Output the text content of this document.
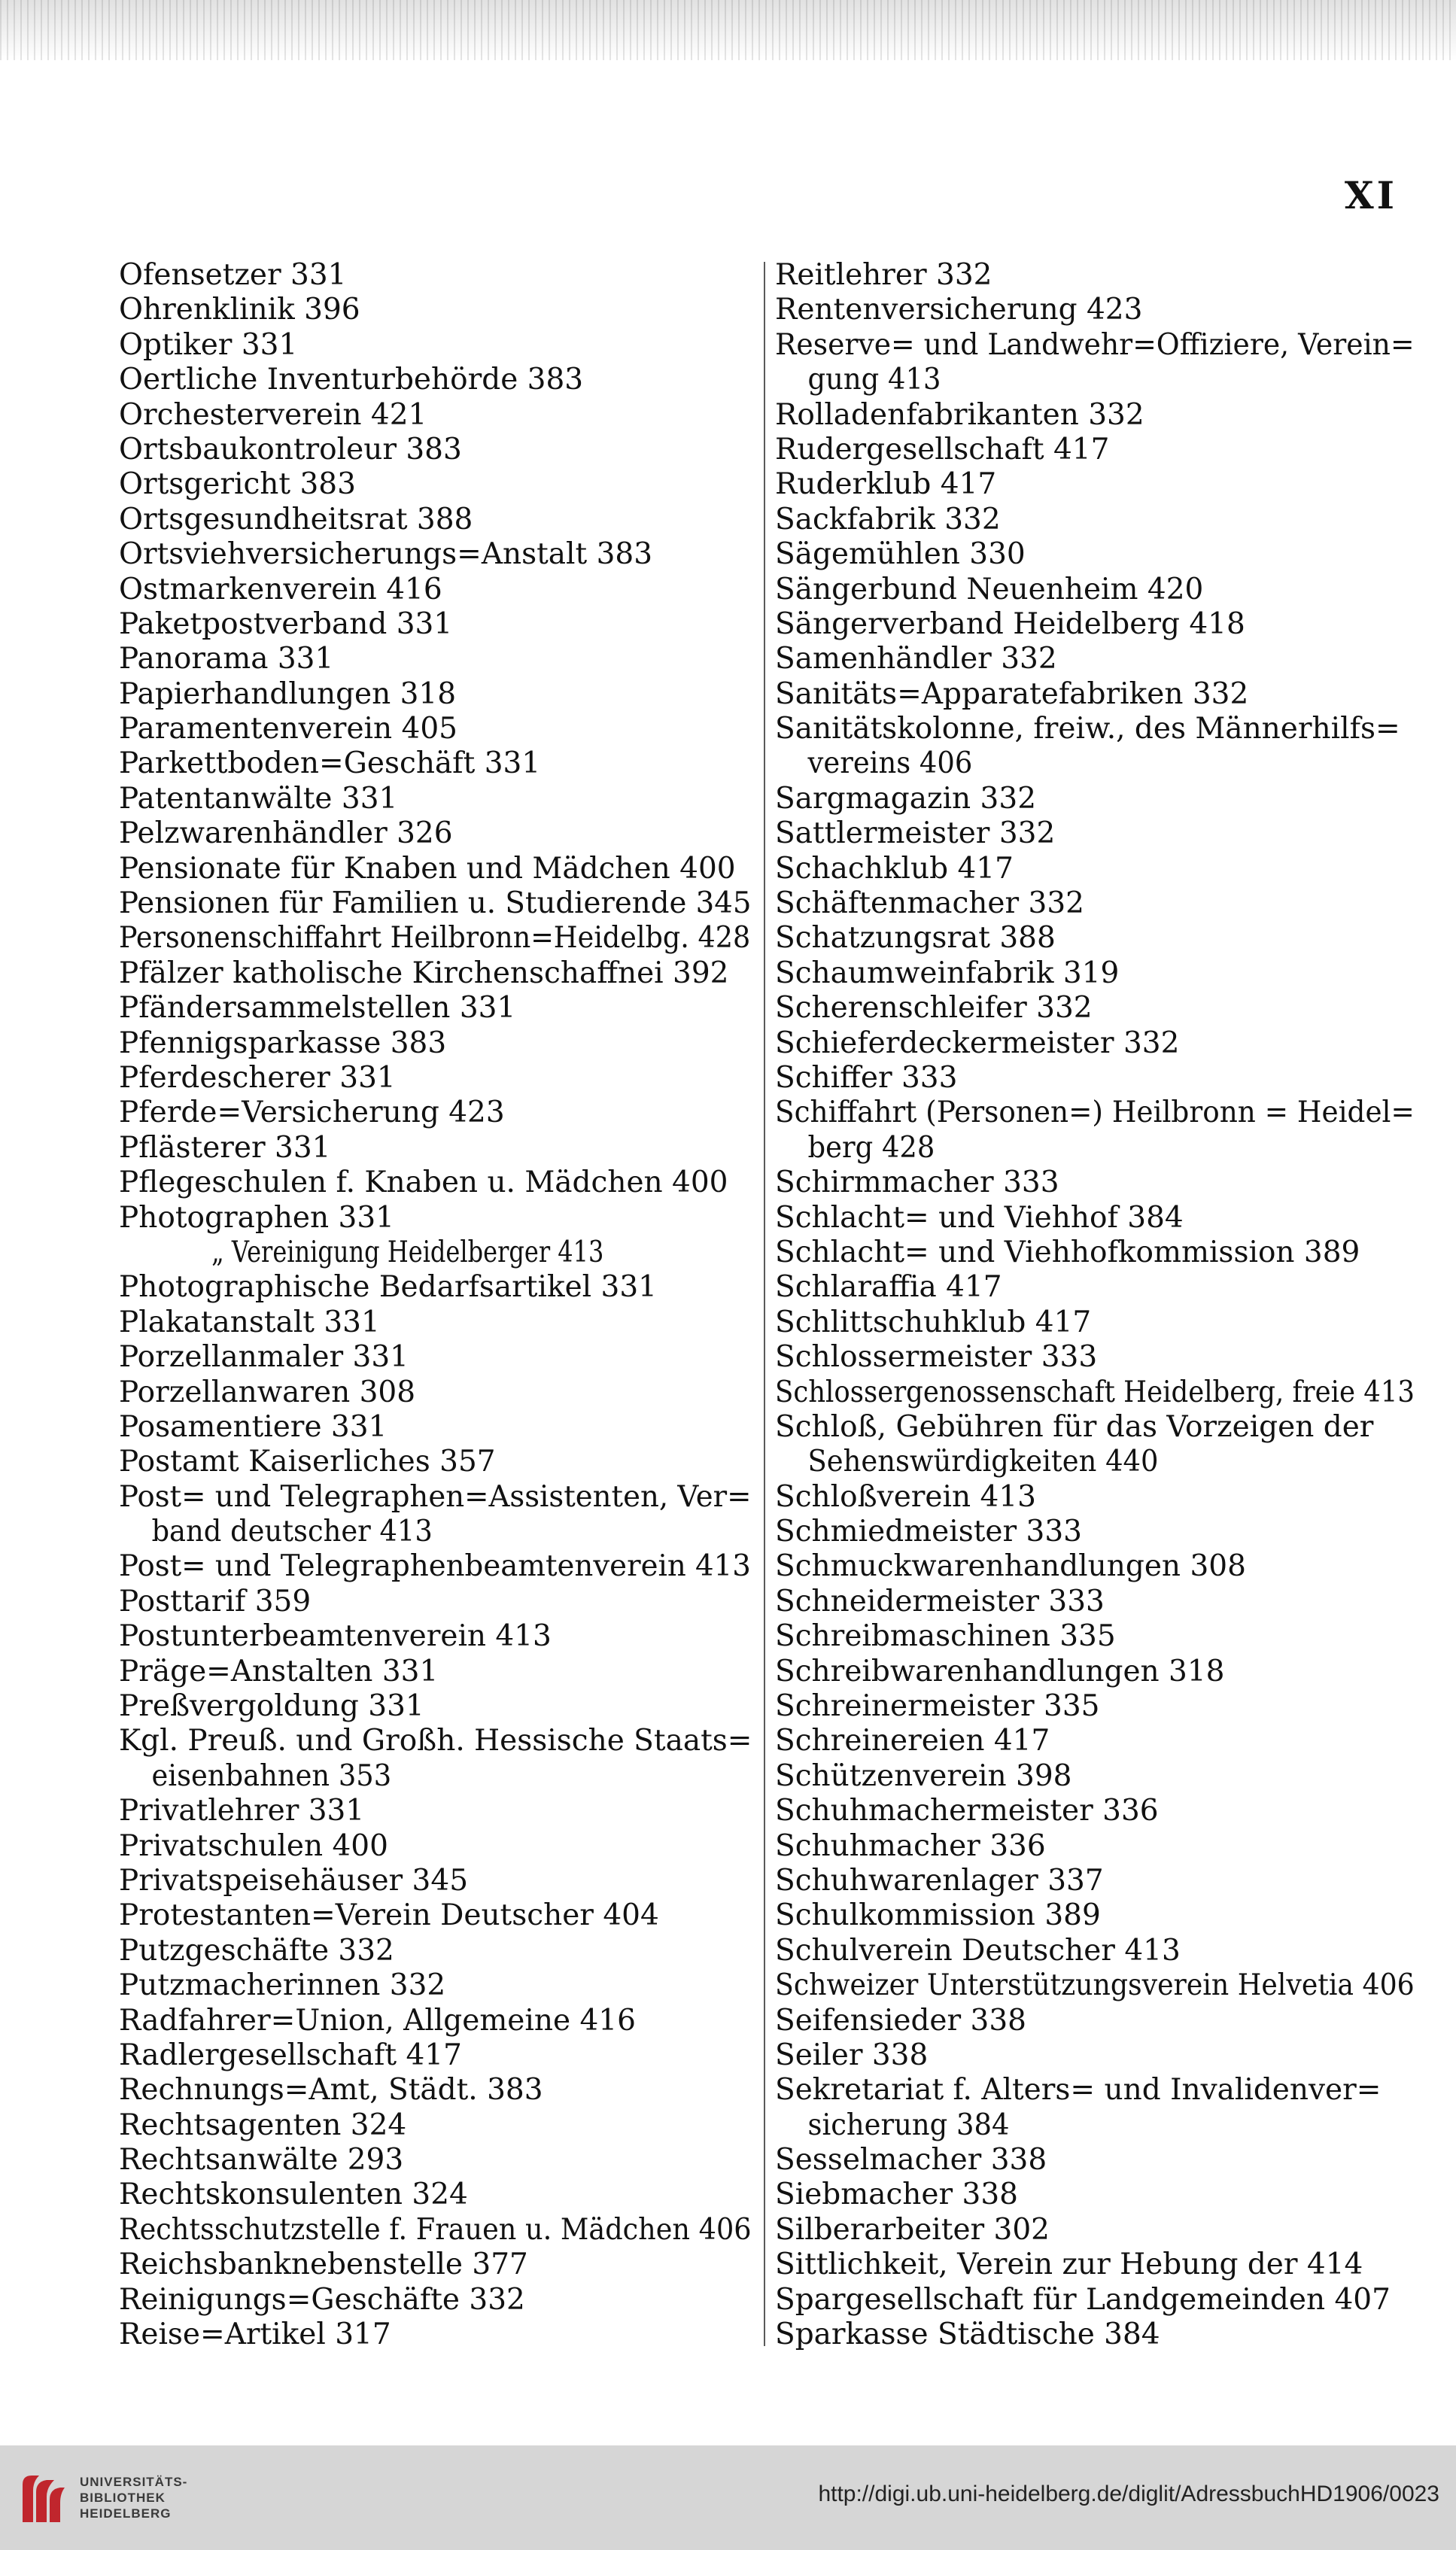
XI
Ofensetzer 331
Ohrenklinik 396
Optiker 331
Oertliche Inventurbehörde 383
Orchesterverein 421
Ortsbaukontroleur 383
Ortsgericht 383
Ortsgesundheitsrat 388
Ortsviehversicherungs=Anstalt 383
Ostmarkenverein 416
Paketpostverband 331
Panorama 331
Papierhandlungen 318
Paramentenverein 405
Parkettboden=Geschäft 331
Patentanwälte 331
Pelzwarenhändler 326
Pensionate für Knaben und Mädchen 400
Pensionen für Familien u. Studierende 345
Personenschiffahrt Heilbronn=Heidelbg. 428
Pfälzer katholische Kirchenschaffnei 392
Pfändersammelstellen 331
Pfennigsparkasse 383
Pferdescherer 331
Pferde=Versicherung 423
Pflästerer 331
Pflegeschulen f. Knaben u. Mädchen 400
Photographen 331
„ Vereinigung Heidelberger 413
Photographische Bedarfsartikel 331
Plakatanstalt 331
Porzellanmaler 331
Porzellanwaren 308
Posamentiere 331
Postamt Kaiserliches 357
Post= und Telegraphen=Assistenten, Ver=
band deutscher 413
Post= und Telegraphenbeamtenverein 413
Posttarif 359
Postunterbeamtenverein 413
Präge=Anstalten 331
Preßvergoldung 331
Kgl. Preuß. und Großh. Hessische Staats=
eisenbahnen 353
Privatlehrer 331
Privatschulen 400
Privatspeisehäuser 345
Protestanten=Verein Deutscher 404
Putzgeschäfte 332
Putzmacherinnen 332
Radfahrer=Union, Allgemeine 416
Radlergesellschaft 417
Rechnungs=Amt, Städt. 383
Rechtsagenten 324
Rechtsanwälte 293
Rechtskonsulenten 324
Rechtsschutzstelle f. Frauen u. Mädchen 406
Reichsbanknebenstelle 377
Reinigungs=Geschäfte 332
Reise=Artikel 317
Reitlehrer 332
Rentenversicherung 423
Reserve= und Landwehr=Offiziere, Verein=
gung 413
Rolladenfabrikanten 332
Rudergesellschaft 417
Ruderklub 417
Sackfabrik 332
Sägemühlen 330
Sängerbund Neuenheim 420
Sängerverband Heidelberg 418
Samenhändler 332
Sanitäts=Apparatefabriken 332
Sanitätskolonne, freiw., des Männerhilfs=
vereins 406
Sargmagazin 332
Sattlermeister 332
Schachklub 417
Schäftenmacher 332
Schatzungsrat 388
Schaumweinfabrik 319
Scherenschleifer 332
Schieferdeckermeister 332
Schiffer 333
Schiffahrt (Personen=) Heilbronn = Heidel=
berg 428
Schirmmacher 333
Schlacht= und Viehhof 384
Schlacht= und Viehhofkommission 389
Schlaraffia 417
Schlittschuhklub 417
Schlossermeister 333
Schlossergenossenschaft Heidelberg, freie 413
Schloß, Gebühren für das Vorzeigen der
Sehenswürdigkeiten 440
Schloßverein 413
Schmiedmeister 333
Schmuckwarenhandlungen 308
Schneidermeister 333
Schreibmaschinen 335
Schreibwarenhandlungen 318
Schreinermeister 335
Schreinereien 417
Schützenverein 398
Schuhmachermeister 336
Schuhmacher 336
Schuhwarenlager 337
Schulkommission 389
Schulverein Deutscher 413
Schweizer Unterstützungsverein Helvetia 406
Seifensieder 338
Seiler 338
Sekretariat f. Alters= und Invalidenver=
sicherung 384
Sesselmacher 338
Siebmacher 338
Silberarbeiter 302
Sittlichkeit, Verein zur Hebung der 414
Spargesellschaft für Landgemeinden 407
Sparkasse Städtische 384
UNIVERSITÄTS-
BIBLIOTHEK
HEIDELBERG
http://digi.ub.uni-heidelberg.de/diglit/AdressbuchHD1906/0023
